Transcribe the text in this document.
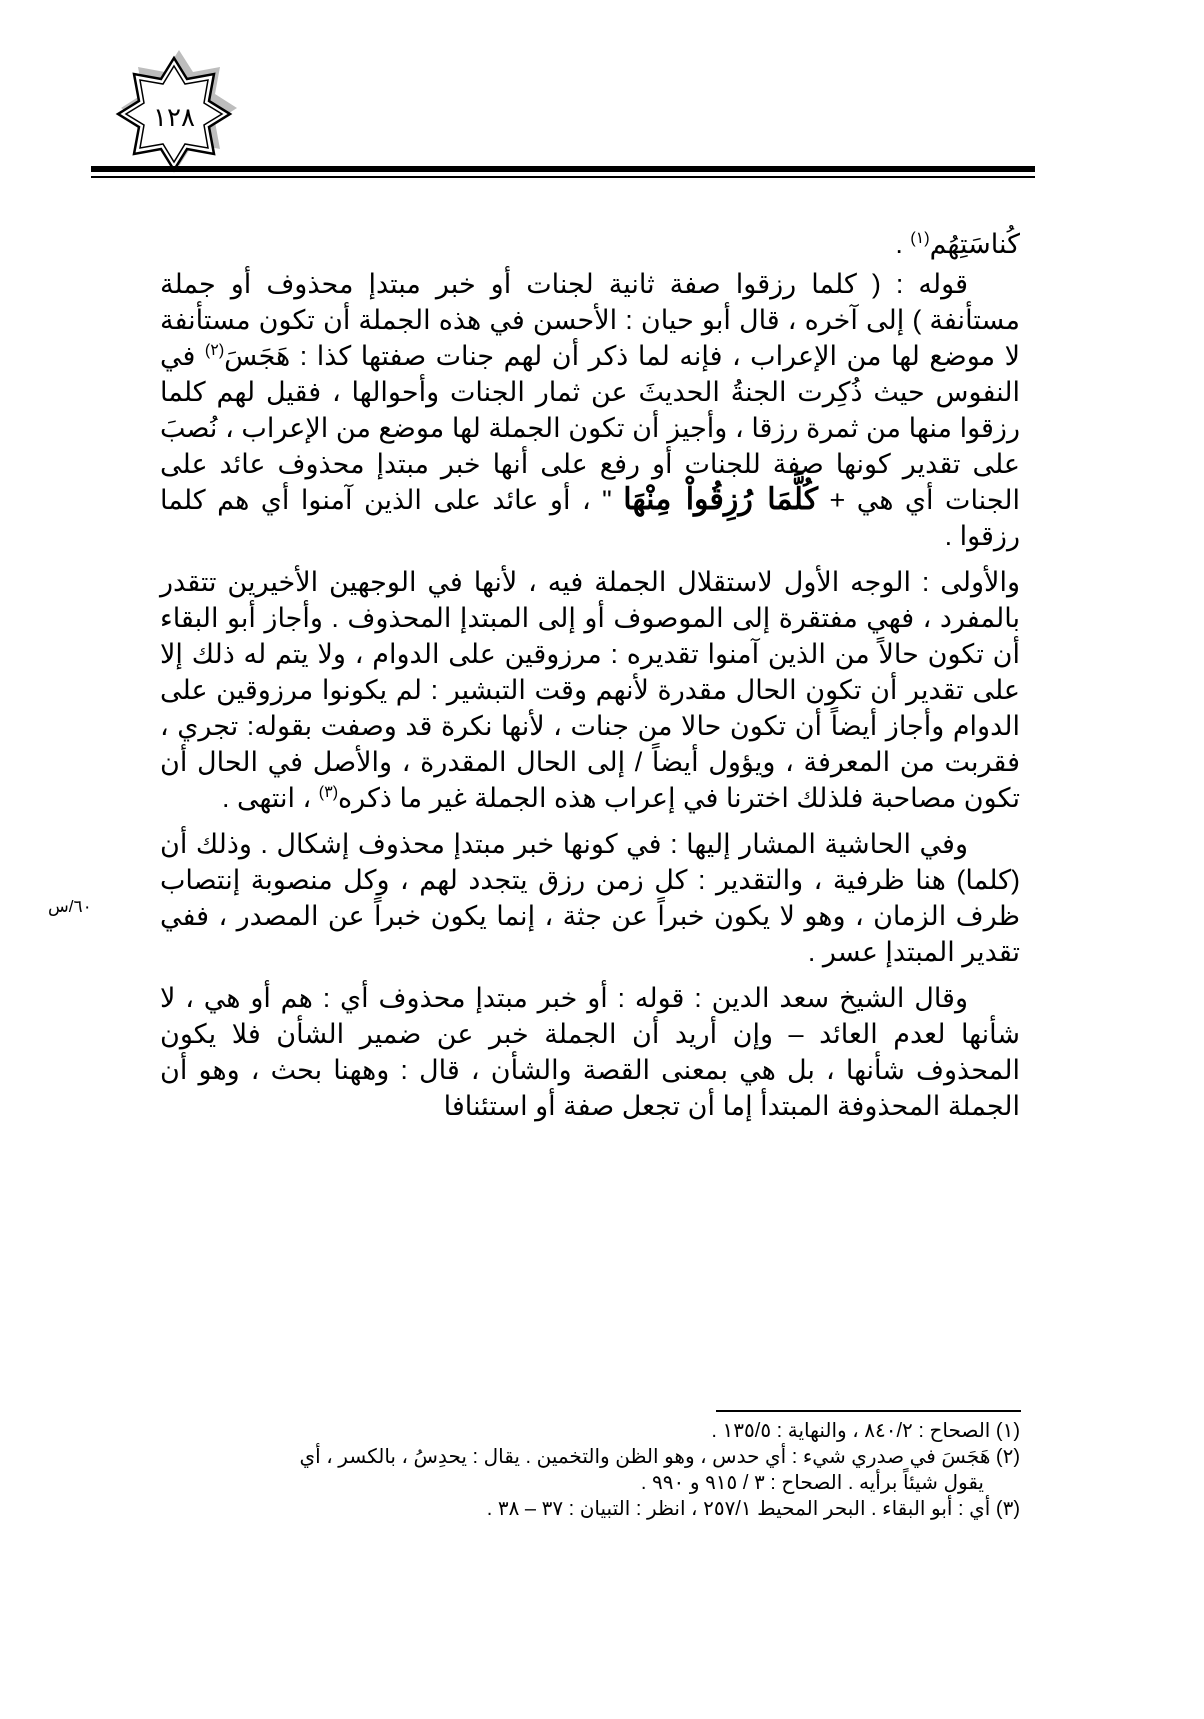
١٢٨
٦٠/س

كُناسَتِهُم$^{(١)}$ .

قوله : ( كلما رزقوا صفة ثانية لجنات أو خبر مبتدإ محذوف أو جملة مستأنفة ) إلى آخره ، قال أبو حيان : الأحسن في هذه الجملة أن تكون مستأنفة لا موضع لها من الإعراب ، فإنه لما ذكر أن لهم جنات صفتها كذا : هَجَسَ$^{(٢)}$ في النفوس حيث ذُكِرت الجنةُ الحديثَ عن ثمار الجنات وأحوالها ، فقيل لهم كلما رزقوا منها من ثمرة رزقا ، وأجيز أن تكون الجملة لها موضع من الإعراب ، نُصبَ على تقدير كونها صفة للجنات أو رفع على أنها خبر مبتدإ محذوف عائد على الجنات أي هي + كُلَّمَا رُزِقُواْ مِنْهَا " ، أو عائد على الذين آمنوا أي هم كلما رزقوا .

والأولى : الوجه الأول لاستقلال الجملة فيه ، لأنها في الوجهين الأخيرين تتقدر بالمفرد ، فهي مفتقرة إلى الموصوف أو إلى المبتدإ المحذوف . وأجاز أبو البقاء أن تكون حالاً من الذين آمنوا تقديره : مرزوقين على الدوام ، ولا يتم له ذلك إلا على تقدير أن تكون الحال مقدرة لأنهم وقت التبشير : لم يكونوا مرزوقين على الدوام وأجاز أيضاً أن تكون حالا من جنات ، لأنها نكرة قد وصفت بقوله: تجري ، فقربت من المعرفة ، ويؤول أيضاً / إلى الحال المقدرة ، والأصل في الحال أن تكون مصاحبة فلذلك اخترنا في إعراب هذه الجملة غير ما ذكره$^{(٣)}$ ، انتهى .

وفي الحاشية المشار إليها : في كونها خبر مبتدإ محذوف إشكال . وذلك أن (كلما) هنا ظرفية ، والتقدير : كل زمن رزق يتجدد لهم ، وكل منصوبة إنتصاب ظرف الزمان ، وهو لا يكون خبراً عن جثة ، إنما يكون خبراً عن المصدر ، ففي تقدير المبتدإ عسر .

وقال الشيخ سعد الدين : قوله : أو خبر مبتدإ محذوف أي : هم أو هي ، لا شأنها لعدم العائد – وإن أريد أن الجملة خبر عن ضمير الشأن فلا يكون المحذوف شأنها ، بل هي بمعنى القصة والشأن ، قال : وههنا بحث ، وهو أن الجملة المحذوفة المبتدأ إما أن تجعل صفة أو استئنافا

(١) الصحاح : ٨٤٠/٢ ، والنهاية : ١٣٥/٥ .

(٢) هَجَسَ في صدري شيء : أي حدس ، وهو الظن والتخمين . يقال : يحدِسُ ، بالكسر ، أي

يقول شيئاً برأيه . الصحاح : ٣ / ٩١٥ و ٩٩٠ .

(٣) أي : أبو البقاء . البحر المحيط ٢٥٧/١ ، انظر : التبيان : ٣٧ – ٣٨ .
